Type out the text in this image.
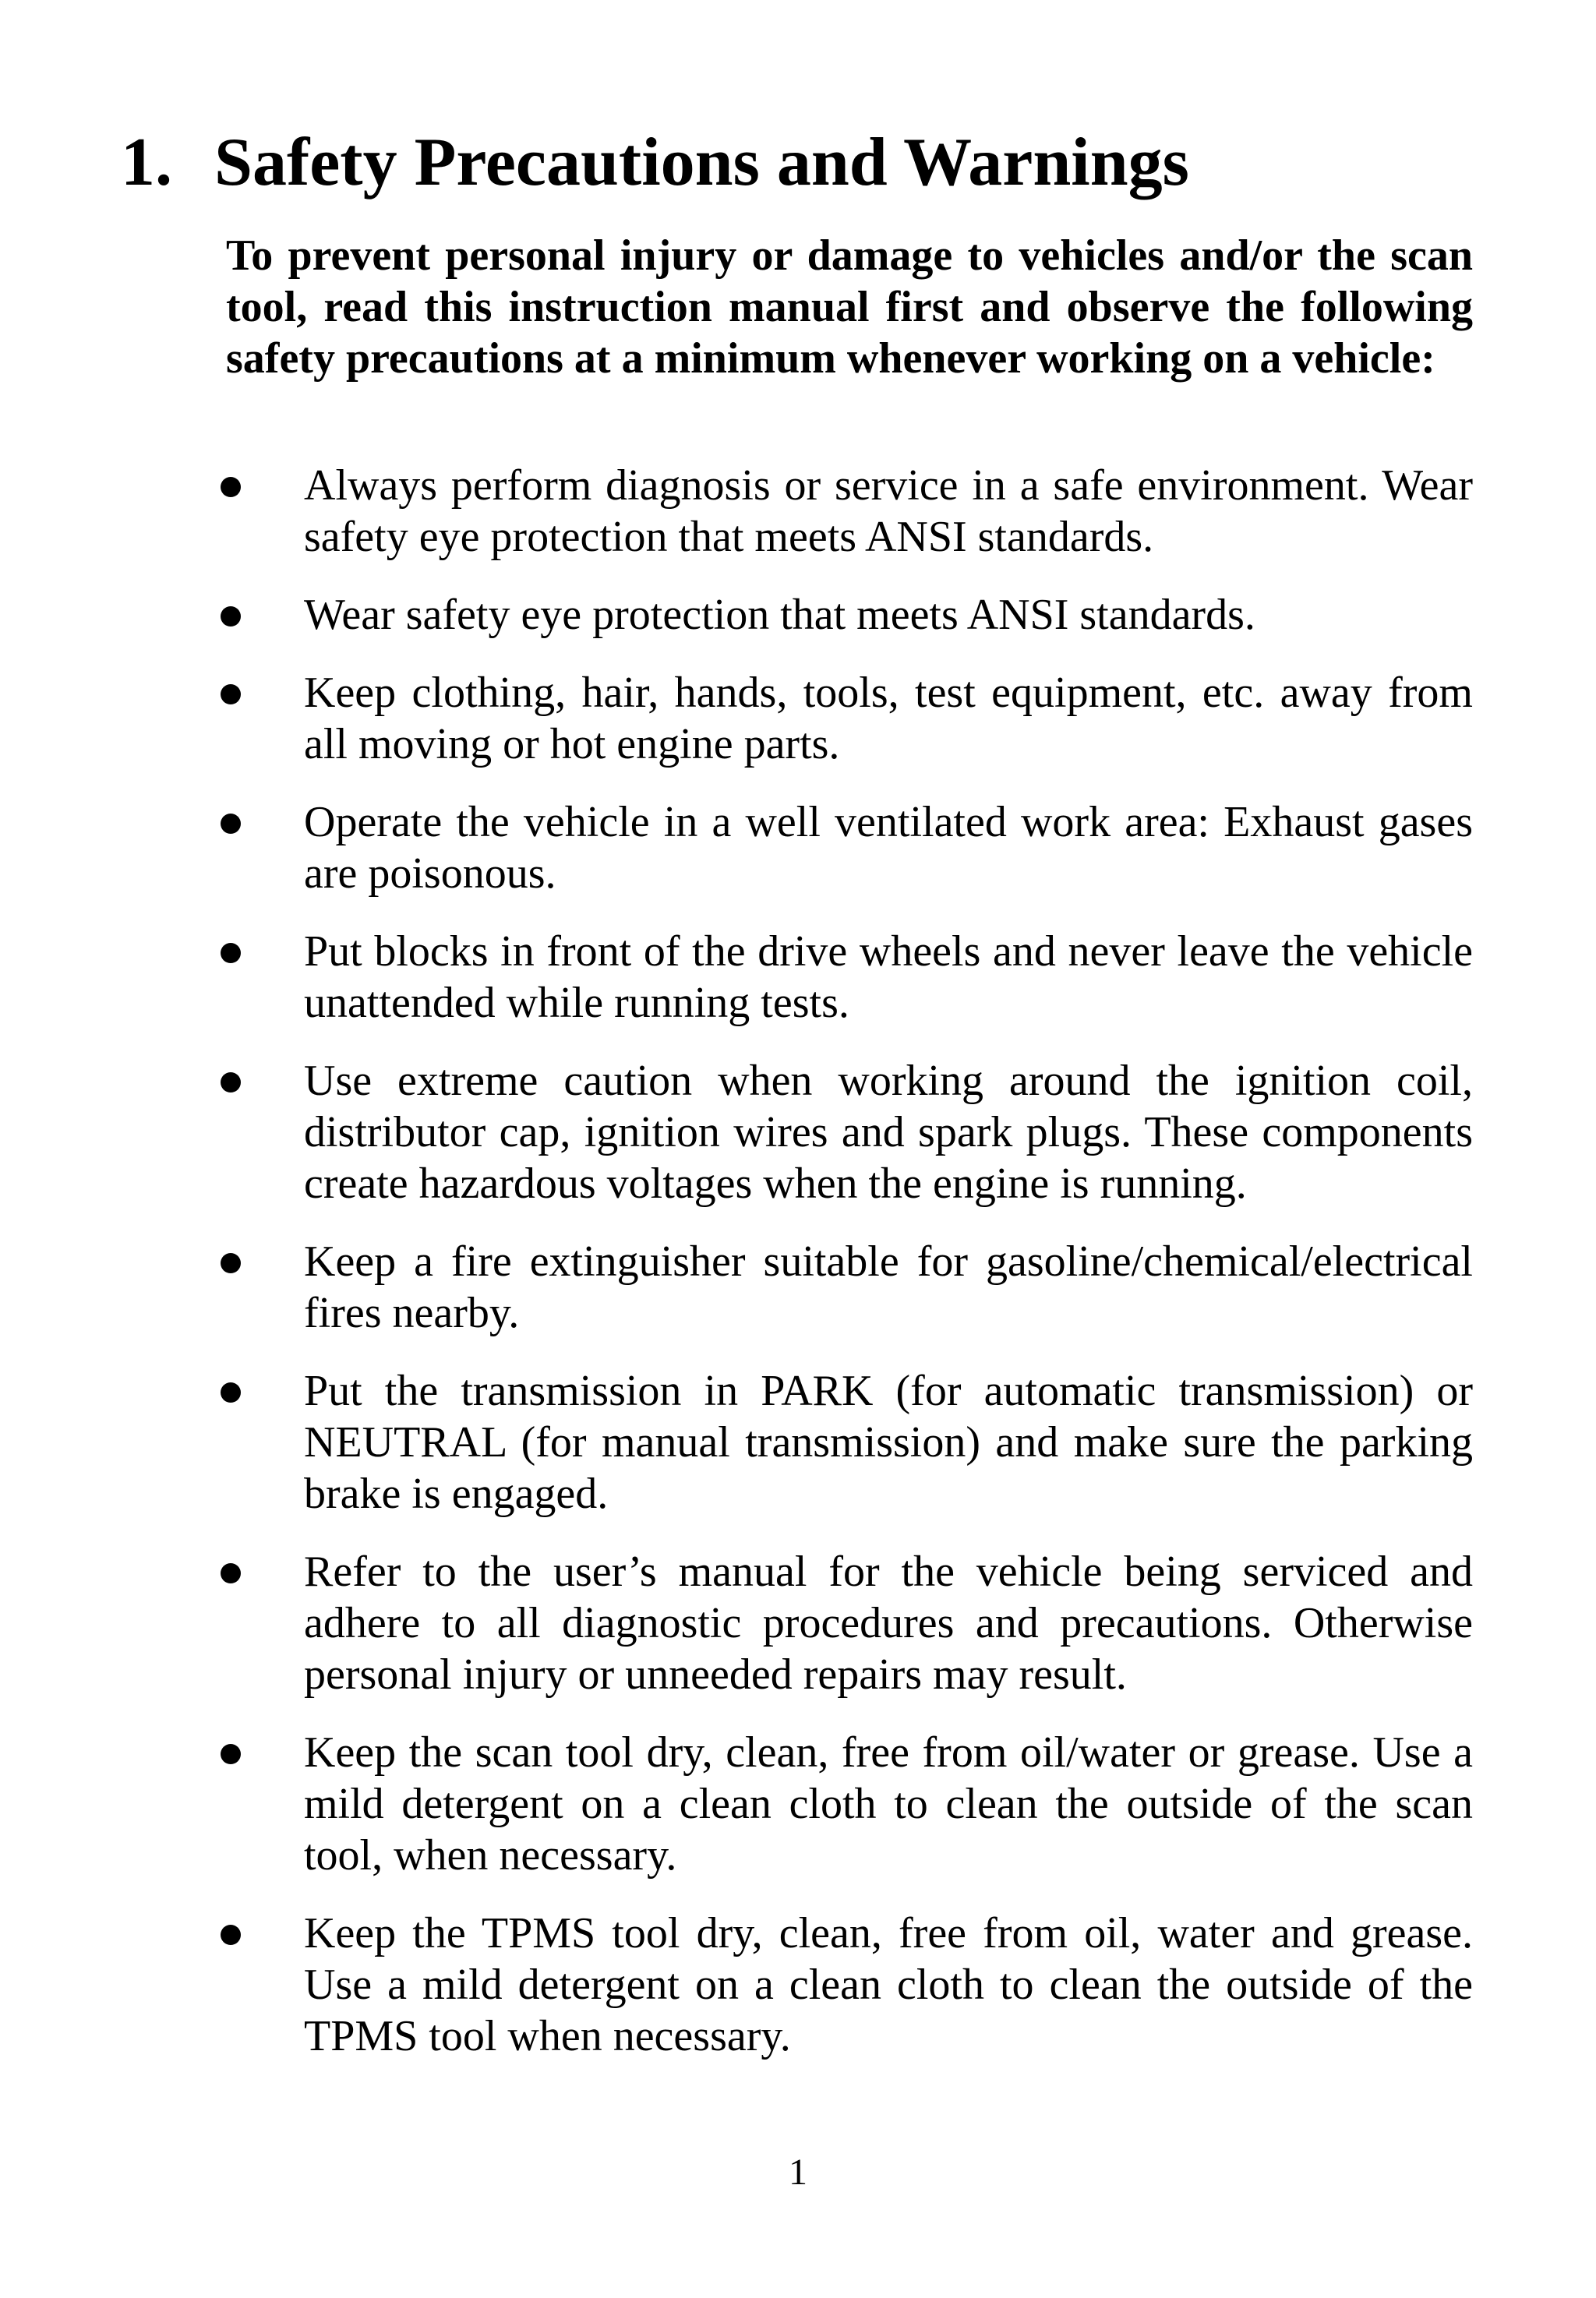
1. Safety Precautions and Warnings

To prevent personal injury or damage to vehicles and/or the scan tool, read this instruction manual first and observe the following safety precautions at a minimum whenever working on a vehicle:

Always perform diagnosis or service in a safe environment. Wear safety eye protection that meets ANSI standards.

Wear safety eye protection that meets ANSI standards.

Keep clothing, hair, hands, tools, test equipment, etc. away from all moving or hot engine parts.

Operate the vehicle in a well ventilated work area: Exhaust gases are poisonous.

Put blocks in front of the drive wheels and never leave the vehicle unattended while running tests.

Use extreme caution when working around the ignition coil, distributor cap, ignition wires and spark plugs. These components create hazardous voltages when the engine is running.

Keep a fire extinguisher suitable for gasoline/chemical/electrical fires nearby.

Put the transmission in PARK (for automatic transmission) or NEUTRAL (for manual transmission) and make sure the parking brake is engaged.

Refer to the user’s manual for the vehicle being serviced and adhere to all diagnostic procedures and precautions. Otherwise personal injury or unneeded repairs may result.

Keep the scan tool dry, clean, free from oil/water or grease. Use a mild detergent on a clean cloth to clean the outside of the scan tool, when necessary.

Keep the TPMS tool dry, clean, free from oil, water and grease. Use a mild detergent on a clean cloth to clean the outside of the TPMS tool when necessary.

1
